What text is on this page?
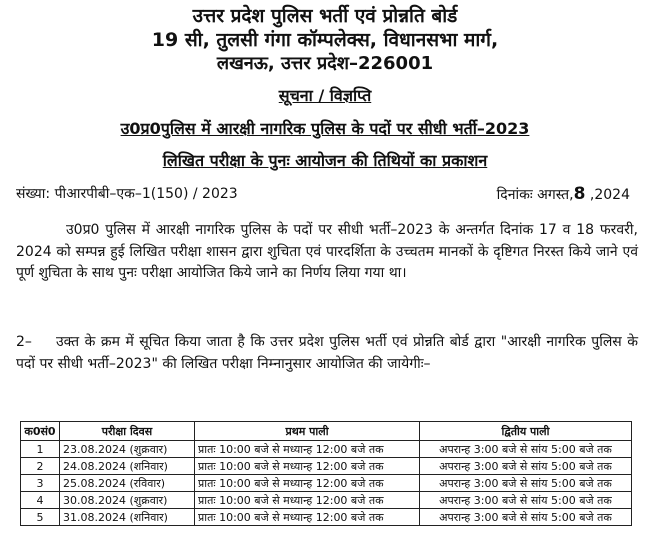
उत्तर प्रदेश पुलिस भर्ती एवं प्रोन्नति बोर्ड
19 सी, तुलसी गंगा कॉम्पलेक्स, विधानसभा मार्ग,
लखनऊ, उत्तर प्रदेश–226001
सूचना / विज्ञप्ति
उ0प्र0पुलिस में आरक्षी नागरिक पुलिस के पदों पर सीधी भर्ती–2023
लिखित परीक्षा के पुनः आयोजन की तिथियों का प्रकाशन
संख्या: पीआरपीबी–एक–1(150) / 2023	दिनांकः अगस्त,8 ,2024
उ0प्र0 पुलिस में आरक्षी नागरिक पुलिस के पदों पर सीधी भर्ती–2023 के अन्तर्गत दिनांक 17 व 18 फरवरी, 2024 को सम्पन्न हुई लिखित परीक्षा शासन द्वारा शुचिता एवं पारदर्शिता के उच्चतम मानकों के दृष्टिगत निरस्त किये जाने एवं पूर्ण शुचिता के साथ पुनः परीक्षा आयोजित किये जाने का निर्णय लिया गया था।
2– उक्त के क्रम में सूचित किया जाता है कि उत्तर प्रदेश पुलिस भर्ती एवं प्रोन्नति बोर्ड द्वारा "आरक्षी नागरिक पुलिस के पदों पर सीधी भर्ती–2023" की लिखित परीक्षा निम्नानुसार आयोजित की जायेगीः–
क0सं0	परीक्षा दिवस	प्रथम पाली	द्वितीय पाली
1	23.08.2024 (शुक्रवार)	प्रातः 10:00 बजे से मध्यान्ह 12:00 बजे तक	अपरान्ह 3:00 बजे से सांय 5:00 बजे तक
2	24.08.2024 (शनिवार)	प्रातः 10:00 बजे से मध्यान्ह 12:00 बजे तक	अपरान्ह 3:00 बजे से सांय 5:00 बजे तक
3	25.08.2024 (रविवार)	प्रातः 10:00 बजे से मध्यान्ह 12:00 बजे तक	अपरान्ह 3:00 बजे से सांय 5:00 बजे तक
4	30.08.2024 (शुक्रवार)	प्रातः 10:00 बजे से मध्यान्ह 12:00 बजे तक	अपरान्ह 3:00 बजे से सांय 5:00 बजे तक
5	31.08.2024 (शनिवार)	प्रातः 10:00 बजे से मध्यान्ह 12:00 बजे तक	अपरान्ह 3:00 बजे से सांय 5:00 बजे तक
